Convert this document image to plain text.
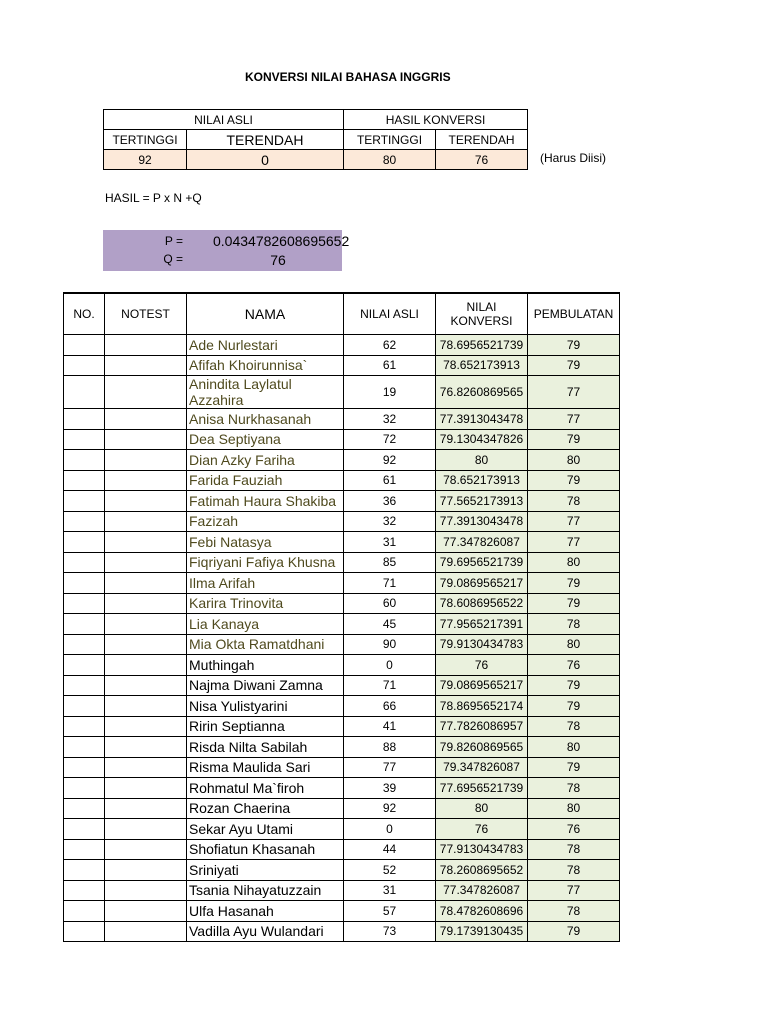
KONVERSI NILAI BAHASA INGGRIS
NILAI ASLI		HASIL KONVERSI	
TERTINGGI	TERENDAH	TERTINGGI	TERENDAH
92	0	80	76	(Harus Diisi)
HASIL = P x N +Q
P = 0.0434782608695652
Q =	76
NO.	NOTEST	NAMA	NILAI ASLI	NILAI KONVERSI	PEMBULATAN
		Ade Nurlestari	62	78.6956521739	79
		Afifah Khoirunnisa`	61	78.652173913	79
		Anindita Laylatul Azzahira	19	76.8260869565	77
		Anisa Nurkhasanah	32	77.3913043478	77
		Dea Septiyana	72	79.1304347826	79
		Dian Azky Fariha	92	80	80
		Farida Fauziah	61	78.652173913	79
		Fatimah Haura Shakiba	36	77.5652173913	78
		Fazizah	32	77.3913043478	77
		Febi Natasya	31	77.347826087	77
		Fiqriyani Fafiya Khusna	85	79.6956521739	80
		Ilma Arifah	71	79.0869565217	79
		Karira Trinovita	60	78.6086956522	79
		Lia Kanaya	45	77.9565217391	78
		Mia Okta Ramatdhani	90	79.9130434783	80
		Muthingah	0	76	76
		Najma Diwani Zamna	71	79.0869565217	79
		Nisa Yulistyarini	66	78.8695652174	79
		Ririn Septianna	41	77.7826086957	78
		Risda Nilta Sabilah	88	79.8260869565	80
		Risma Maulida Sari	77	79.347826087	79
		Rohmatul Ma`firoh	39	77.6956521739	78
		Rozan Chaerina	92	80	80
		Sekar Ayu Utami	0	76	76
		Shofiatun Khasanah	44	77.9130434783	78
		Sriniyati	52	78.2608695652	78
		Tsania Nihayatuzzain	31	77.347826087	77
		Ulfa Hasanah	57	78.4782608696	78
		Vadilla Ayu Wulandari	73	79.1739130435	79
